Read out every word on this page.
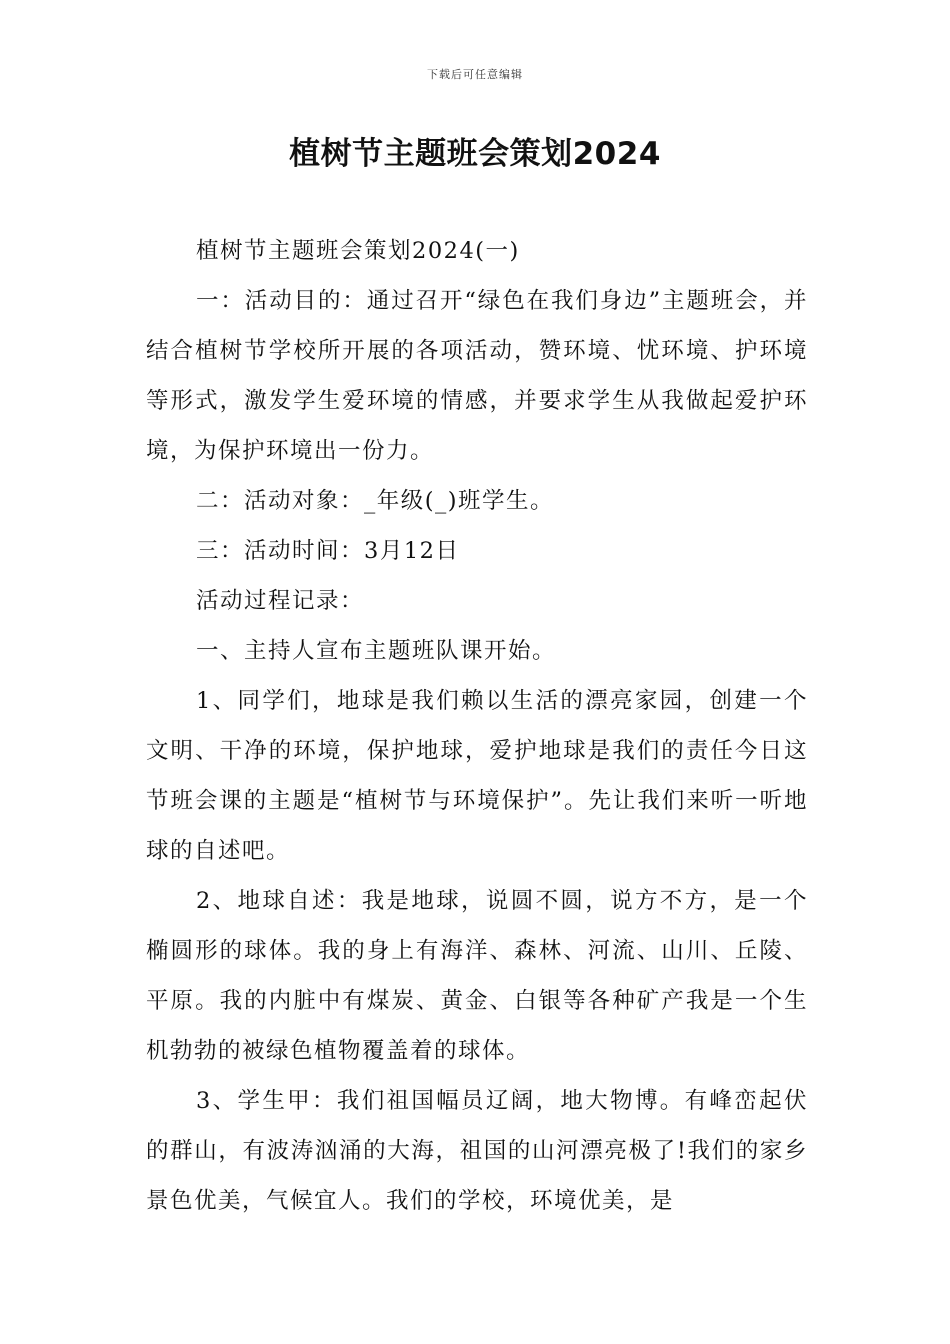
下载后可任意编辑
植树节主题班会策划2024

植树节主题班会策划2024(一)

一：活动目的：通过召开“绿色在我们身边”主题班会，并结合植树节学校所开展的各项活动，赞环境、忧环境、护环境等形式，激发学生爱环境的情感，并要求学生从我做起爱护环境，为保护环境出一份力。

二：活动对象：_年级(_)班学生。

三：活动时间：3月12日

活动过程记录：

一、主持人宣布主题班队课开始。

1、同学们，地球是我们赖以生活的漂亮家园，创建一个文明、干净的环境，保护地球，爱护地球是我们的责任今日这节班会课的主题是“植树节与环境保护”。先让我们来听一听地球的自述吧。

2、地球自述：我是地球，说圆不圆，说方不方，是一个椭圆形的球体。我的身上有海洋、森林、河流、山川、丘陵、平原。我的内脏中有煤炭、黄金、白银等各种矿产我是一个生机勃勃的被绿色植物覆盖着的球体。

3、学生甲：我们祖国幅员辽阔，地大物博。有峰峦起伏的群山，有波涛汹涌的大海，祖国的山河漂亮极了!我们的家乡景色优美，气候宜人。我们的学校，环境优美，是
